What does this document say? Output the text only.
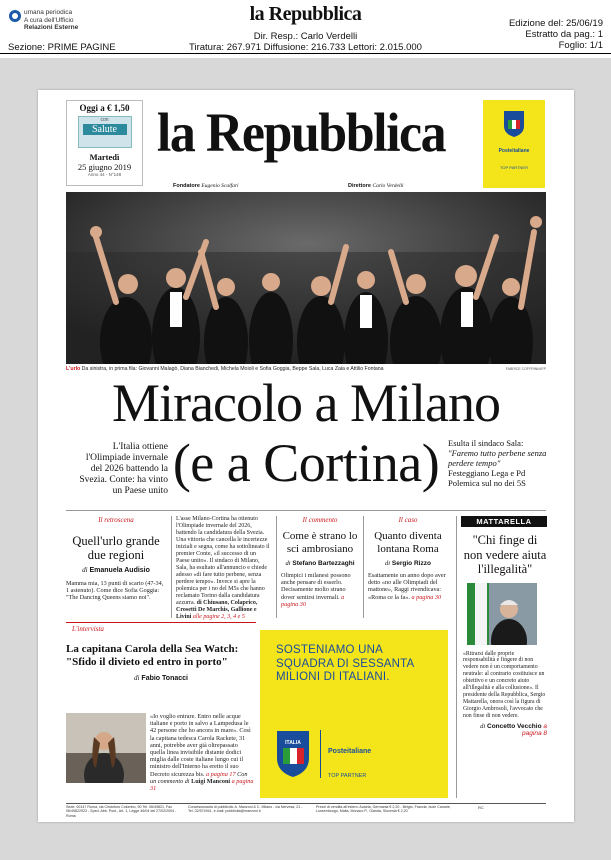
umana periodica
A cura dell'Ufficio
Relazioni Esterne
la Repubblica
Dir. Resp.: Carlo Verdelli
Tiratura: 267.971 Diffusione: 216.733 Lettori: 2.015.000
Sezione: PRIME PAGINE
Edizione del: 25/06/19
Estratto da pag.: 1
Foglio: 1/1
Oggi a € 1,50
con
Salute
Martedì
25 giugno 2019
Anno 44 - N°148
la Repubblica
Fondatore Eugenio Scalfari	Direttore Carlo Verdelli
Posteitaliane
TOP PARTNER
L'urlo Da sinistra, in prima fila: Giovanni Malagò, Diana Bianchedi, Michela Moioli e Sofia Goggia, Beppe Sala, Luca Zaia e Attilio Fontana	FABRICE COFFRINI/AFP
Miracolo a Milano
(e a Cortina)
L'Italia ottiene l'Olimpiade invernale del 2026 battendo la Svezia. Conte: ha vinto un Paese unito
Esulta il sindaco Sala:
"Faremo tutto perbene senza perdere tempo"
Festeggiano Lega e Pd Polemica sul no dei 5S
Il retroscena
Quell'urlo grande due regioni
di Emanuela Audisio
Mamma mia, 13 punti di scarto (47-34, 1 astenuto). Come dice Sofia Goggia: "The Dancing Queens siamo noi".
L'asse Milano-Cortina ha ottenuto l'Olimpiade invernale del 2026, battendo la candidatura della Svezia. Una vittoria che cancella le incertezze iniziali e segna, come ha sottolineato il premier Conte, «il successo di un Paese unito». Il sindaco di Milano, Sala, ha esultato all'annuncio e chiede adesso «di fare tutto perbene, senza perdere tempo». Invece si apre la polemica per i no del M5s che hanno reclamato Torino dalla candidatura azzurra. di Chiusano, Colaprico, Crosetti De Marchis, Gallione e Livini alle pagine 2, 3, 4 e 5
Il commento
Come è strano lo sci ambrosiano
di Stefano Bartezzaghi
Olimpici i milanesi possono anche pensare di esserlo. Decisamente molto strano dover sentirsi invernali. a pagina 30
Il caso
Quanto diventa lontana Roma
di Sergio Rizzo
Esattamente un anno dopo aver detto «no alle Olimpiadi del mattone», Raggi rivendicava: «Roma ce la fa». a pagina 30
MATTARELLA
"Chi finge di non vedere aiuta l'illegalità"
«Ritrarsi dalle proprie responsabilità e fingere di non vedere non è un comportamento neutrale: al contrario costituisce un obiettivo e un concreto aiuto all'illegalità e alla collusione». Il presidente della Repubblica, Sergio Mattarella, onora così la figura di Giorgio Ambrosoli, l'avvocato che non finse di non vedere.
di Concetto Vecchio a pagina 8
L'intervista
La capitana Carola della Sea Watch: "Sfido il divieto ed entro in porto"
di Fabio Tonacci
«Io voglio entrare. Entro nelle acque italiane e porto in salvo a Lampedusa le 42 persone che ho ancora in mare». Così la capitana tedesca Carola Rackete, 31 anni, potrebbe aver già oltrepassato quella linea invisibile distante dodici miglia dalle coste italiane lungo cui il ministro dell'Interno ha eretto il suo Decreto sicurezza bis. a pagina 17 Con un commento di Luigi Manconi a pagina 31
SOSTENIAMO UNA SQUADRA DI SESSANTA MILIONI DI ITALIANI.
ITALIA
Posteitaliane
TOP PARTNER
Sede: 00147 Roma, via Cristoforo Colombo, 90 Tel. 06/49821, Fax 06/49822923 - Sped. Abb. Post., Art. 1, Legge 46/04 del 27/02/2004 - Roma
Concessionaria di pubblicità: A. Manzoni & C. Milano - via Nervesa, 21 - Tel. 02/574941, e-mail: pubblicita@manzoni.it
Prezzi di vendita all'estero: Austria, Germania € 2,20 - Belgio, Francia, Isole Canarie, Lussemburgo, Malta, Monaco P., Olanda, Slovenia € 2,20
RC
